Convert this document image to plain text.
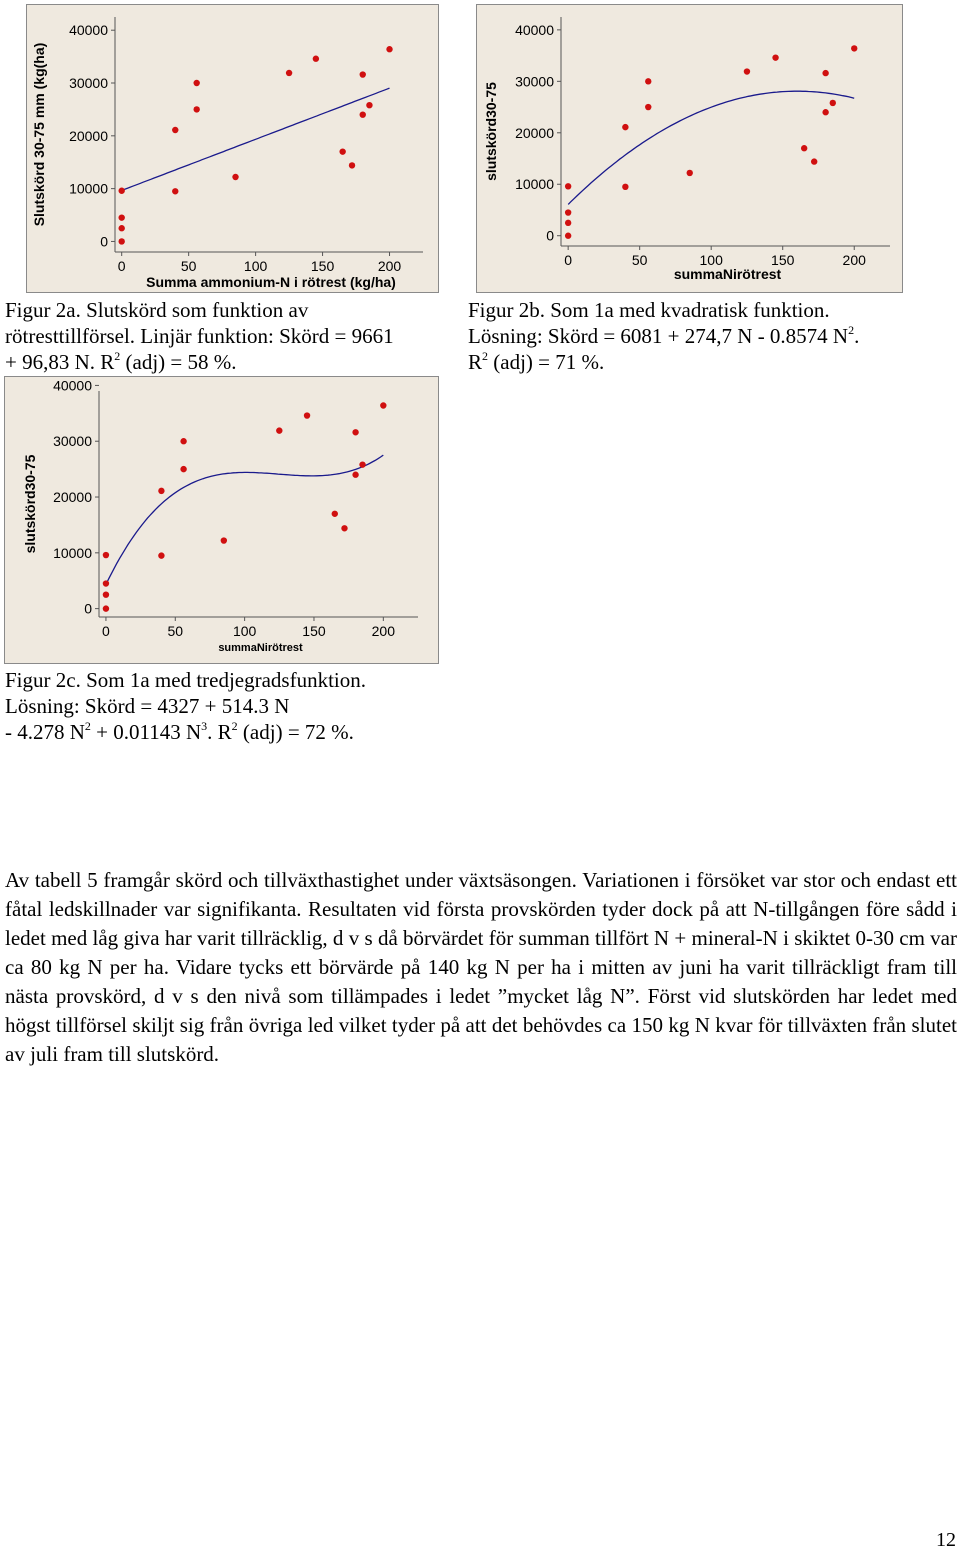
0
10000
20000
30000
40000
0	50	100	150	200
Summa ammonium-N i rötrest (kg/ha)
Slutskörd 30-75 mm (kg(ha)

Figur 2a. Slutskörd som funktion av
rötresttillförsel. Linjär funktion: Skörd = 9661
+ 96,83 N. $R^2$ (adj) = 58 %.

0
10000
20000
30000
40000
0	50	100	150	200
summaNirötrest
slutskörd30-75

Figur 2b. Som 1a med kvadratisk funktion.
Lösning: Skörd = 6081 + 274,7 N - 0.8574 $N^2$.
$R^2$ (adj) = 71 %.

0
10000
20000
30000
40000
0	50	100	150	200
summaNirötrest
slutskörd30-75

Figur 2c. Som 1a med tredjegradsfunktion.
Lösning: Skörd = 4327 + 514.3 N
- 4.278 $N^2 + 0.01143$ $N^3$. $R^2$ (adj) = 72 %.

Av tabell 5 framgår skörd och tillväxthastighet under växtsäsongen. Variationen i försöket var stor och endast ett fåtal ledskillnader var signifikanta. Resultaten vid första provskörden tyder dock på att N-tillgången före sådd i ledet med låg giva har varit tillräcklig, d v s då börvärdet för summan tillfört N + mineral-N i skiktet 0-30 cm var ca 80 kg N per ha. Vidare tycks ett börvärde på 140 kg N per ha i mitten av juni ha varit tillräckligt fram till nästa provskörd, d v s den nivå som tillämpades i ledet ”mycket låg N”. Först vid slutskörden har ledet med högst tillförsel skiljt sig från övriga led vilket tyder på att det behövdes ca 150 kg N kvar för tillväxten från slutet av juli fram till slutskörd.

12
